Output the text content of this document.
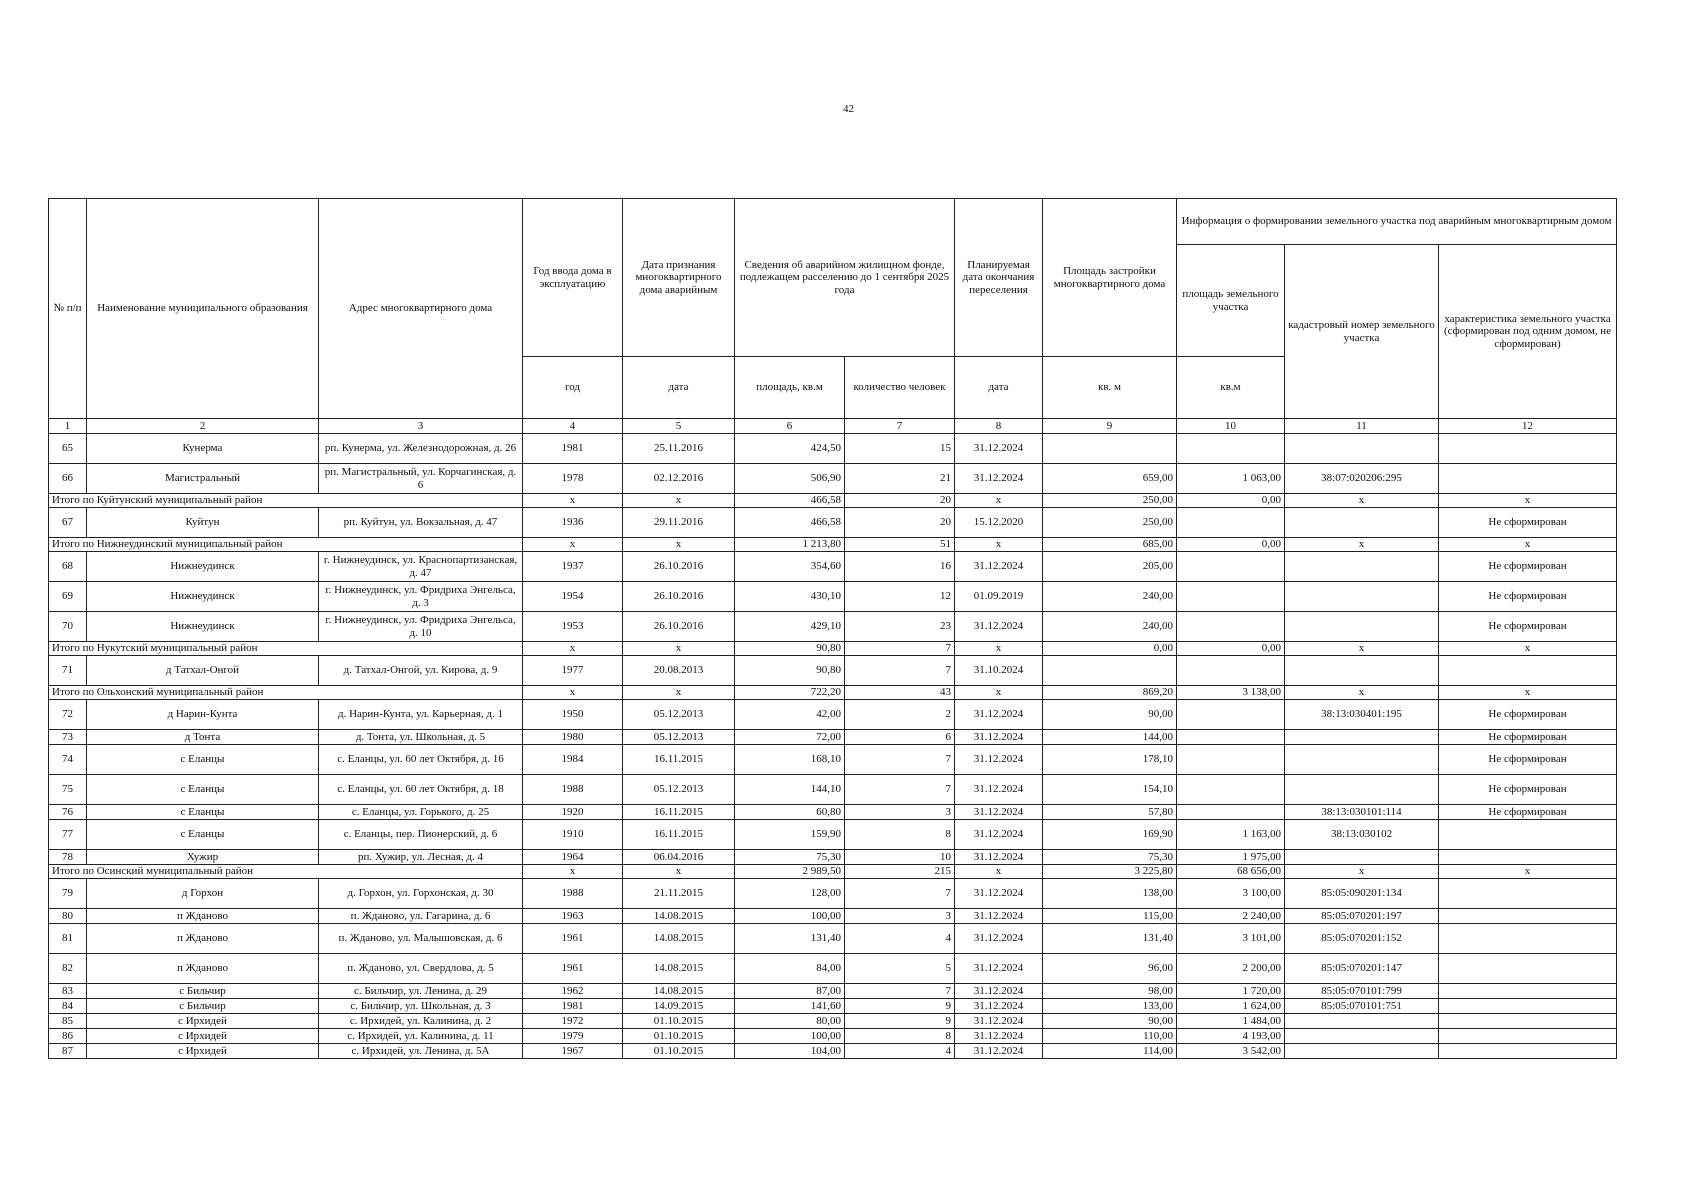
42
№ п/п	Наименование муниципального образования	Адрес многоквартирного дома	Год ввода дома в эксплуатацию	Дата признания многоквартирного дома аварийным	Сведения об аварийном жилищном фонде, подлежащем расселению до 1 сентября 2025 года		Планируемая дата окончания переселения	Площадь застройки многоквартирного дома	Информация о формировании земельного участка под аварийным многоквартирным домом		
									площадь земельного участка	кадастровый номер земельного участка	характеристика земельного участка (сформирован под одним домом, не сформирован)
			год	дата	площадь, кв.м	количество человек	дата	кв. м	кв.м		
1	2	3	4	5	6	7	8	9	10	11	12
65	Кунерма	рп. Кунерма, ул. Железнодорожная, д. 26	1981	25.11.2016	424,50	15	31.12.2024				
66	Магистральный	рп. Магистральный, ул. Корчагинская, д. 6	1978	02.12.2016	506,90	21	31.12.2024	659,00	1 063,00	38:07:020206:295	
Итого по Куйтунский муниципальный район			x	x	466,58	20	x	250,00	0,00	x	x
67	Куйтун	рп. Куйтун, ул. Вокзальная, д. 47	1936	29.11.2016	466,58	20	15.12.2020	250,00			Не сформирован
Итого по Нижнеудинский муниципальный район			x	x	1 213,80	51	x	685,00	0,00	x	x
68	Нижнеудинск	г. Нижнеудинск, ул. Краснопартизанская, д. 47	1937	26.10.2016	354,60	16	31.12.2024	205,00			Не сформирован
69	Нижнеудинск	г. Нижнеудинск, ул. Фридриха Энгельса, д. 3	1954	26.10.2016	430,10	12	01.09.2019	240,00			Не сформирован
70	Нижнеудинск	г. Нижнеудинск, ул. Фридриха Энгельса, д. 10	1953	26.10.2016	429,10	23	31.12.2024	240,00			Не сформирован
Итого по Нукутский муниципальный район			x	x	90,80	7	x	0,00	0,00	x	x
71	д Татхал-Онгой	д. Татхал-Онгой, ул. Кирова, д. 9	1977	20.08.2013	90,80	7	31.10.2024				
Итого по Ольхонский муниципальный район			x	x	722,20	43	x	869,20	3 138,00	x	x
72	д Нарин-Кунта	д. Нарин-Кунта, ул. Карьерная, д. 1	1950	05.12.2013	42,00	2	31.12.2024	90,00		38:13:030401:195	Не сформирован
73	д Тонта	д. Тонта, ул. Школьная, д. 5	1980	05.12.2013	72,00	6	31.12.2024	144,00			Не сформирован
74	с Еланцы	с. Еланцы, ул. 60 лет Октября, д. 16	1984	16.11.2015	168,10	7	31.12.2024	178,10			Не сформирован
75	с Еланцы	с. Еланцы, ул. 60 лет Октября, д. 18	1988	05.12.2013	144,10	7	31.12.2024	154,10			Не сформирован
76	с Еланцы	с. Еланцы, ул. Горького, д. 25	1920	16.11.2015	60,80	3	31.12.2024	57,80		38:13:030101:114	Не сформирован
77	с Еланцы	с. Еланцы, пер. Пионерский, д. 6	1910	16.11.2015	159,90	8	31.12.2024	169,90	1 163,00	38:13:030102	
78	Хужир	рп. Хужир, ул. Лесная, д. 4	1964	06.04.2016	75,30	10	31.12.2024	75,30	1 975,00		
Итого по Осинский муниципальный район			x	x	2 989,50	215	x	3 225,80	68 656,00	x	x
79	д Горхон	д. Горхон, ул. Горхонская, д. 30	1988	21.11.2015	128,00	7	31.12.2024	138,00	3 100,00	85:05:090201:134	
80	п Жданово	п. Жданово, ул. Гагарина, д. 6	1963	14.08.2015	100,00	3	31.12.2024	115,00	2 240,00	85:05:070201:197	
81	п Жданово	п. Жданово, ул. Малышовская, д. 6	1961	14.08.2015	131,40	4	31.12.2024	131,40	3 101,00	85:05:070201:152	
82	п Жданово	п. Жданово, ул. Свердлова, д. 5	1961	14.08.2015	84,00	5	31.12.2024	96,00	2 200,00	85:05:070201:147	
83	с Бильчир	с. Бильчир, ул. Ленина, д. 29	1962	14.08.2015	87,00	7	31.12.2024	98,00	1 720,00	85:05:070101:799	
84	с Бильчир	с. Бильчир, ул. Школьная, д. 3	1981	14.09.2015	141,60	9	31.12.2024	133,00	1 624,00	85:05:070101:751	
85	с Ирхидей	с. Ирхидей, ул. Калинина, д. 2	1972	01.10.2015	80,00	9	31.12.2024	90,00	1 484,00		
86	с Ирхидей	с. Ирхидей, ул. Калинина, д. 11	1979	01.10.2015	100,00	8	31.12.2024	110,00	4 193,00		
87	с Ирхидей	с. Ирхидей, ул. Ленина, д. 5А	1967	01.10.2015	104,00	4	31.12.2024	114,00	3 542,00		
